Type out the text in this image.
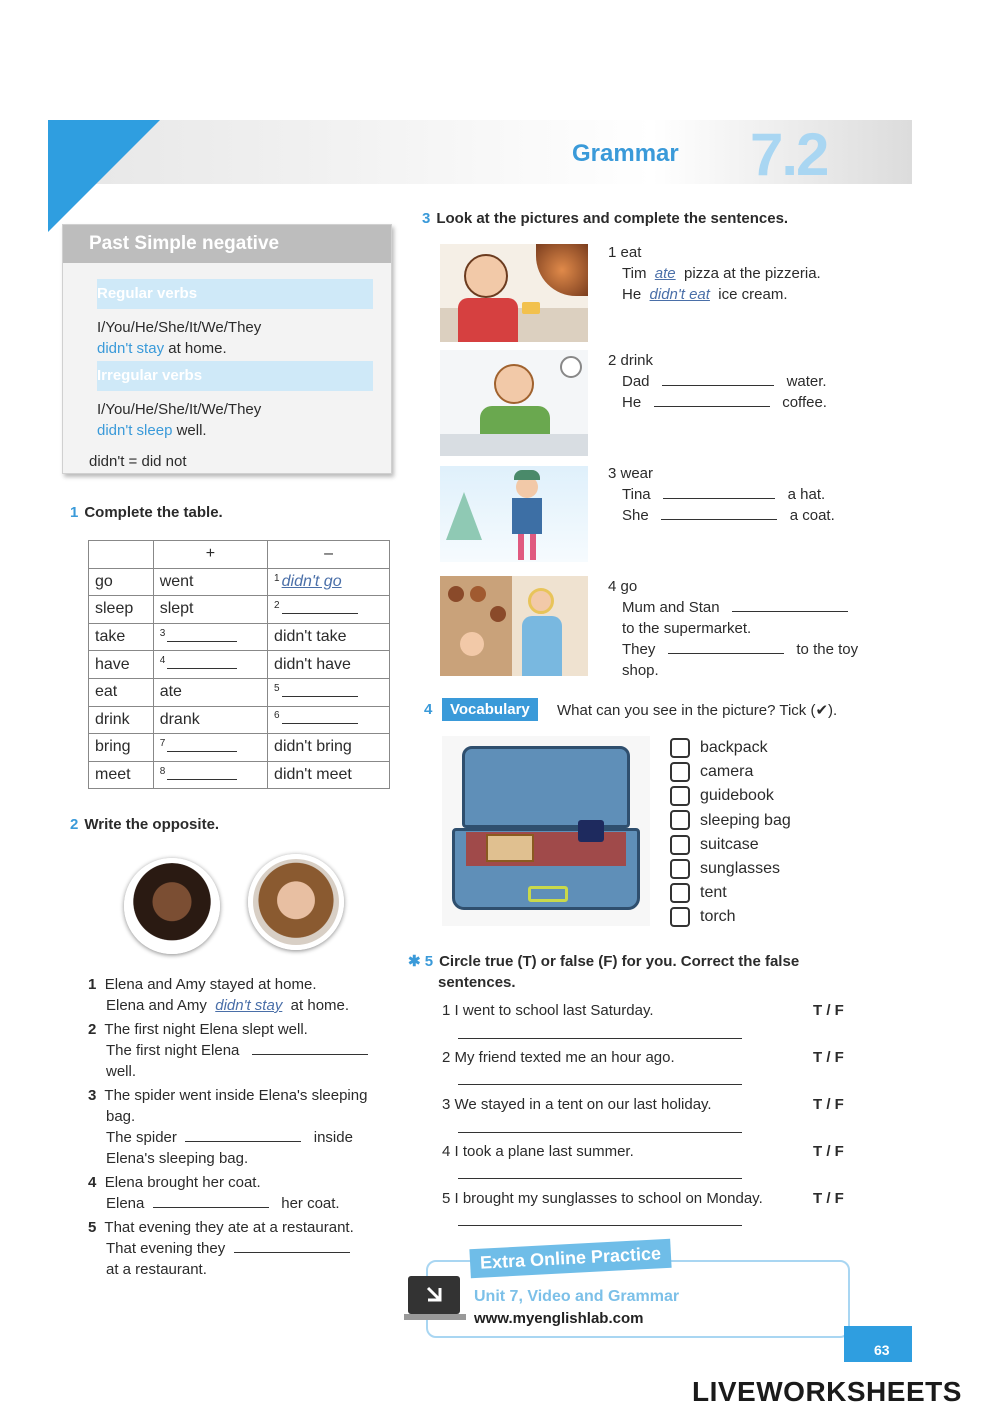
Grammar 7.2
Past Simple negative
Regular verbs
I/You/He/She/It/We/They
didn't stay at home.
Irregular verbs
I/You/He/She/It/We/They
didn't sleep well.
didn't = did not
1 Complete the table.
	+	–
go	went	$^1$ didn't go
sleep	slept	$^2$
take	$^3$	didn't take
have	$^4$	didn't have
eat	ate	$^5$
drink	drank	$^6$
bring	$^7$	didn't bring
meet	$^8$	didn't meet
2 Write the opposite.
1 Elena and Amy stayed at home.
Elena and Amy didn't stay at home.
2 The first night Elena slept well.
The first night Elena
well.
3 The spider went inside Elena's sleeping
bag.
The spider	inside
Elena's sleeping bag.
4 Elena brought her coat.
Elena	her coat.
5 That evening they ate at a restaurant.
That evening they
at a restaurant.
3 Look at the pictures and complete the sentences.
1 eat
Tim ate pizza at the pizzeria.
He didn't eat ice cream.
2 drink
Dad	water.
He	coffee.
3 wear
Tina	a hat.
She	a coat.
4 go
Mum and Stan
to the supermarket.
They	to the toy
shop.
4	Vocabulary	What can you see in the picture? Tick (✔).
backpack
camera
guidebook
sleeping bag
suitcase
sunglasses
tent
torch
✱ 5 Circle true (T) or false (F) for you. Correct the false
sentences.
1 I went to school last Saturday.	T / F
2 My friend texted me an hour ago.	T / F
3 We stayed in a tent on our last holiday.	T / F
4 I took a plane last summer.	T / F
5 I brought my sunglasses to school on Monday.	T / F
Extra Online Practice
Unit 7, Video and Grammar
www.myenglishlab.com
63
LIVEWORKSHEETS
